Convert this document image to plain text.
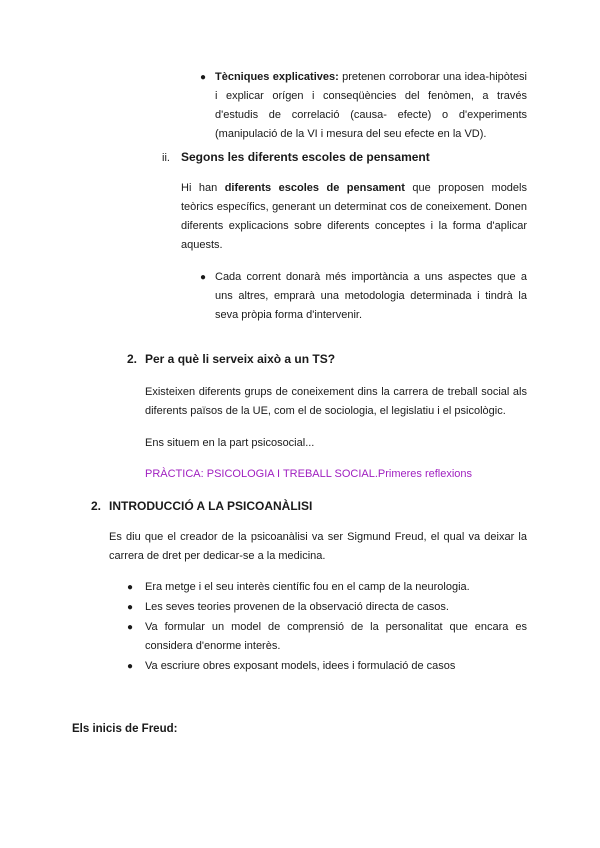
● Tècniques explicatives: pretenen corroborar una idea-hipòtesi i explicar orígen i conseqüències del fenòmen, a través d'estudis de correlació (causa- efecte) o d'experiments (manipulació de la VI i mesura del seu efecte en la VD).
ii. Segons les diferents escoles de pensament
Hi han diferents escoles de pensament que proposen models teòrics específics, generant un determinat cos de coneixement. Donen diferents explicacions sobre diferents conceptes i la forma d'aplicar aquests.
● Cada corrent donarà més importància a uns aspectes que a uns altres, emprarà una metodologia determinada i tindrà la seva pròpia forma d'intervenir.
2. Per a què li serveix això a un TS?
Existeixen diferents grups de coneixement dins la carrera de treball social als diferents països de la UE, com el de sociologia, el legislatiu i el psicològic.
Ens situem en la part psicosocial...
PRÀCTICA: PSICOLOGIA I TREBALL SOCIAL.Primeres reflexions
2. INTRODUCCIÓ A LA PSICOANÀLISI
Es diu que el creador de la psicoanàlisi va ser Sigmund Freud, el qual va deixar la carrera de dret per dedicar-se a la medicina.
● Era metge i el seu interès científic fou en el camp de la neurologia.
● Les seves teories provenen de la observació directa de casos.
● Va formular un model de comprensió de la personalitat que encara es considera d'enorme interès.
● Va escriure obres exposant models, idees i formulació de casos
Els inicis de Freud:
